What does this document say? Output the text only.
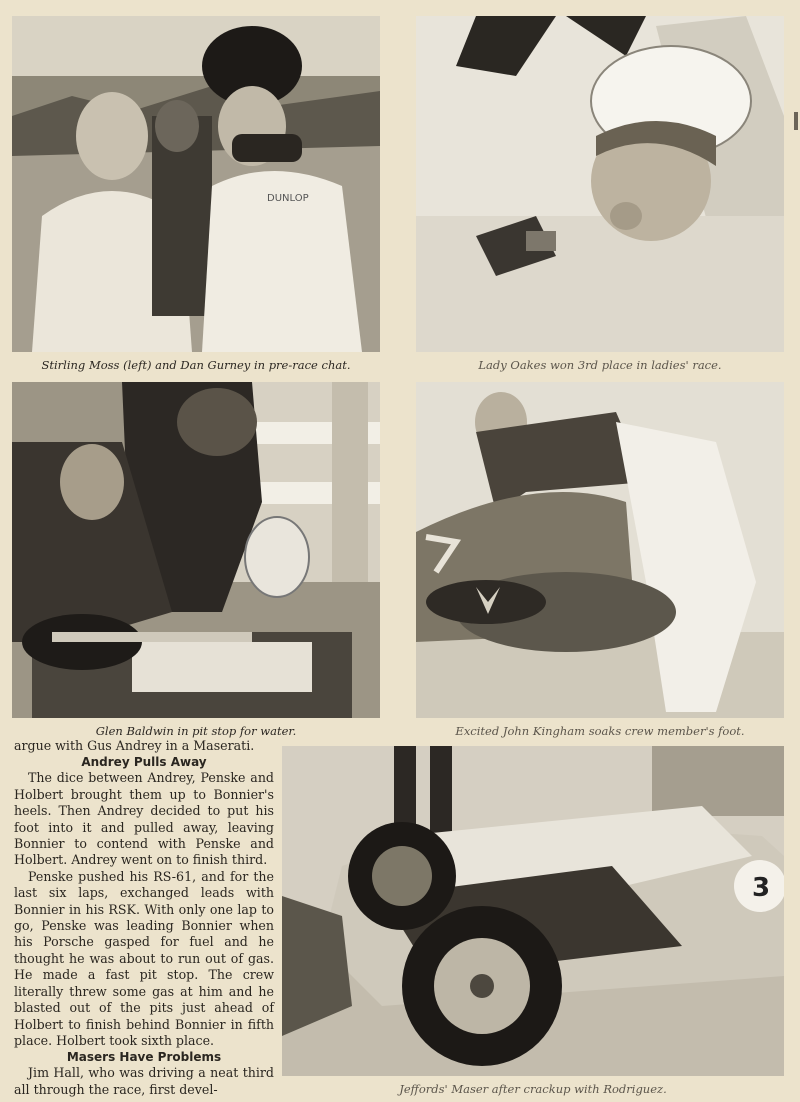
DUNLOP
Stirling Moss (left) and Dan Gurney in pre-race chat.	Lady Oakes won 3rd place in ladies' race.
Glen Baldwin in pit stop for water.	Excited John Kingham soaks crew member's foot.

argue with Gus Andrey in a Maserati.

Andrey Pulls Away

The dice between Andrey, Penske and Holbert brought them up to Bonnier's heels. Then Andrey decided to put his foot into it and pulled away, leaving Bonnier to contend with Penske and Holbert. Andrey went on to finish third.

Penske pushed his RS-61, and for the last six laps, exchanged leads with Bonnier in his RSK. With only one lap to go, Penske was leading Bonnier when his Porsche gasped for fuel and he thought he was about to run out of gas. He made a fast pit stop. The crew literally threw some gas at him and he blasted out of the pits just ahead of Holbert to finish behind Bonnier in fifth place. Holbert took sixth place.

Masers Have Problems

Jim Hall, who was driving a neat third all through the race, first devel-

3
Jeffords' Maser after crackup with Rodriguez.
